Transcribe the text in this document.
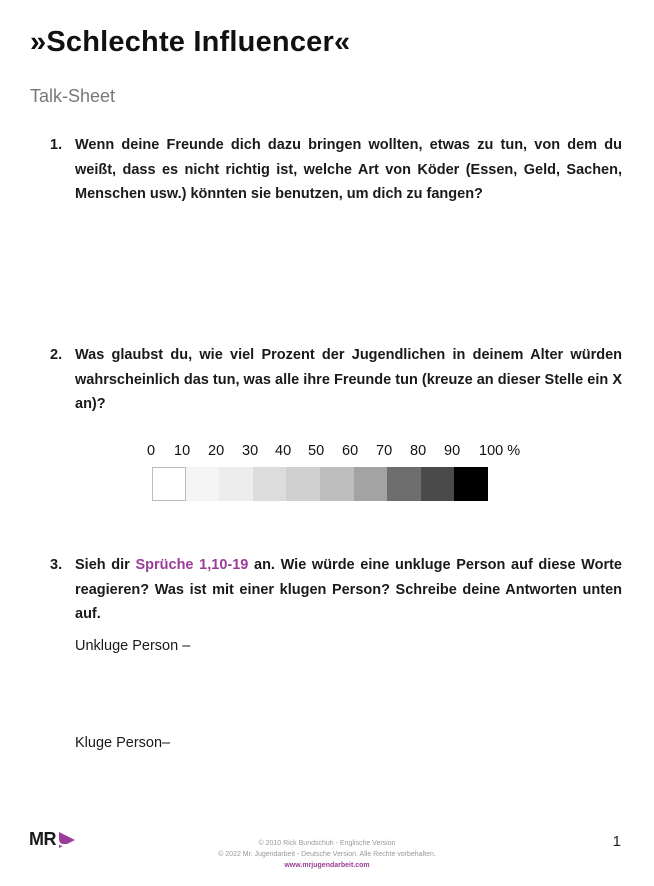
»Schlechte Influencer«
Talk-Sheet
1. Wenn deine Freunde dich dazu bringen wollten, etwas zu tun, von dem du weißt, dass es nicht richtig ist, welche Art von Köder (Essen, Geld, Sachen, Menschen usw.) könnten sie benutzen, um dich zu fangen?
2. Was glaubst du, wie viel Prozent der Jugendlichen in deinem Alter würden wahrscheinlich das tun, was alle ihre Freunde tun (kreuze an dieser Stelle ein X an)?
0 10 20 30 40 50 60 70 80 90 100 %
3. Sieh dir Sprüche 1,10-19 an. Wie würde eine unkluge Person auf diese Worte reagieren? Was ist mit einer klugen Person? Schreibe deine Antworten unten auf.
Unkluge Person –
Kluge Person–
MR	© 2010 Rick Bundschuh - Englische Version
© 2022 Mr. Jugendarbeit - Deutsche Version. Alle Rechte vorbehalten.
www.mrjugendarbeit.com
1
